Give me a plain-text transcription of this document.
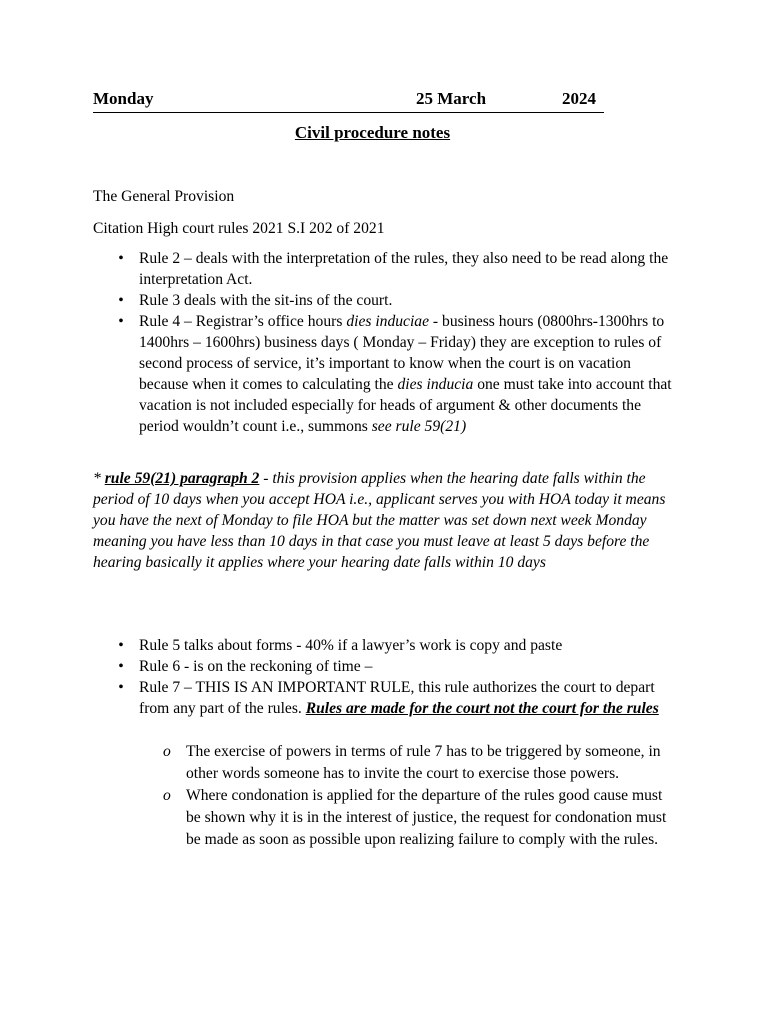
Monday	25 March	2024
Civil procedure notes
The General Provision
Citation High court rules 2021 S.I 202 of 2021
• Rule 2 – deals with the interpretation of the rules, they also need to be read along the interpretation Act.
• Rule 3 deals with the sit-ins of the court.
• Rule 4 – Registrar’s office hours dies induciae - business hours (0800hrs-1300hrs to 1400hrs – 1600hrs) business days ( Monday – Friday) they are exception to rules of second process of service, it’s important to know when the court is on vacation because when it comes to calculating the dies inducia one must take into account that vacation is not included especially for heads of argument & other documents the period wouldn’t count i.e., summons see rule 59(21)
* rule 59(21) paragraph 2 - this provision applies when the hearing date falls within the period of 10 days when you accept HOA i.e., applicant serves you with HOA today it means you have the next of Monday to file HOA but the matter was set down next week Monday meaning you have less than 10 days in that case you must leave at least 5 days before the hearing basically it applies where your hearing date falls within 10 days
• Rule 5 talks about forms - 40% if a lawyer’s work is copy and paste
• Rule 6 - is on the reckoning of time –
• Rule 7 – THIS IS AN IMPORTANT RULE, this rule authorizes the court to depart from any part of the rules. Rules are made for the court not the court for the rules
o The exercise of powers in terms of rule 7 has to be triggered by someone, in other words someone has to invite the court to exercise those powers.
o Where condonation is applied for the departure of the rules good cause must be shown why it is in the interest of justice, the request for condonation must be made as soon as possible upon realizing failure to comply with the rules.
